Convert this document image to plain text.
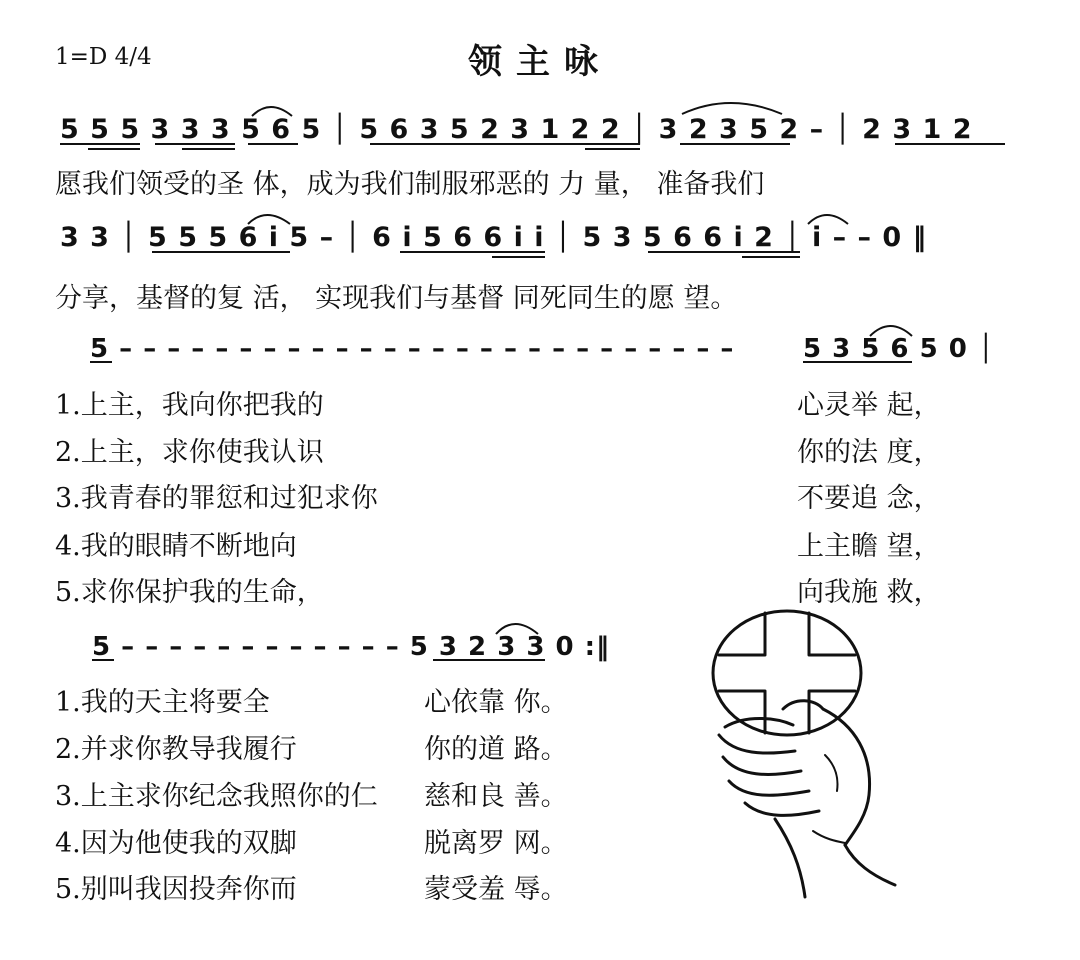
1=D 4/4	领主咏
5 5 5 3 3 3 5 6 5 │ 5 6 3 5 2 3 1 2 2 │ 3 2 3 5 2 – │ 2 3 1 2
愿我们领受的圣 体，成为我们制服邪恶的 力 量， 准备我们
3 3 │ 5 5 5 6 i 5 – │ 6 i 5 6 6 i i │ 5 3 5 6 6 i 2 │ i – – 0 ‖
分享，基督的复 活， 实现我们与基督 同死同生的愿 望。
5 – – – – – – – – – – – – – – – – – – – – – – – – – –	5 3 5 6 5 0 │
1.上主，我向你把我的
2.上主，求你使我认识
3.我青春的罪愆和过犯求你
4.我的眼睛不断地向
5.求你保护我的生命，
心灵举 起，
你的法 度，
不要追 念，
上主瞻 望，
向我施 救，
5 – – – – – – – – – – – – 5 3 2 3 3 0 :‖
1.我的天主将要全
2.并求你教导我履行
3.上主求你纪念我照你的仁
4.因为他使我的双脚
5.别叫我因投奔你而
心依靠 你。
你的道 路。
慈和良 善。
脱离罗 网。
蒙受羞 辱。
